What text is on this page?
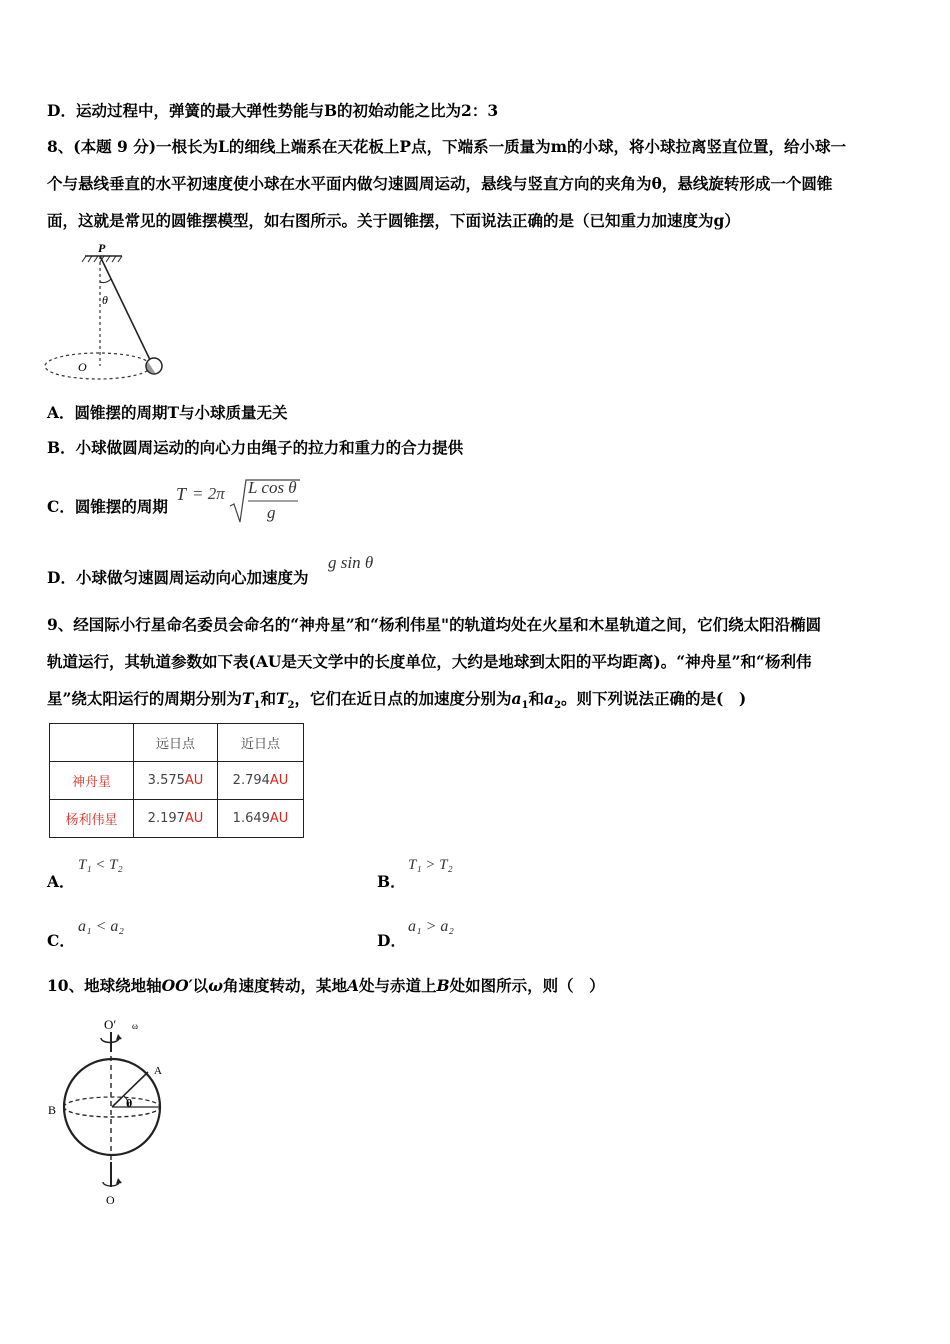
D．运动过程中，弹簧的最大弹性势能与B的初始动能之比为2：3
8、(本题 9 分)一根长为L的细线上端系在天花板上P点，下端系一质量为m的小球，将小球拉离竖直位置，给小球一
个与悬线垂直的水平初速度使小球在水平面内做匀速圆周运动，悬线与竖直方向的夹角为θ，悬线旋转形成一个圆锥
面，这就是常见的圆锥摆模型，如右图所示。关于圆锥摆，下面说法正确的是（已知重力加速度为g）
P
θ
O
A．圆锥摆的周期T与小球质量无关
B．小球做圆周运动的向心力由绳子的拉力和重力的合力提供
C．圆锥摆的周期
T = 2π L cos θ
g
D．小球做匀速圆周运动向心加速度为
g sin θ
9、经国际小行星命名委员会命名的“神舟星”和“杨利伟星"的轨道均处在火星和木星轨道之间，它们绕太阳沿椭圆
轨道运行，其轨道参数如下表(AU是天文学中的长度单位，大约是地球到太阳的平均距离)。“神舟星”和“杨利伟
星”绕太阳运行的周期分别为$T_1$和$T_2$，它们在近日点的加速度分别为$a_1$和$a_2$。则下列说法正确的是(　)
	远日点	近日点
神舟星	3.575AU	2.794AU
杨利伟星	2.197AU	1.649AU
A．
T₁ < T₂
B．
T₁ > T₂
C．
a₁ < a₂
D．
a₁ > a₂
10、地球绕地轴OO′以ω角速度转动，某地A处与赤道上B处如图所示，则（　）
O′ ω
A
θ
B
O
